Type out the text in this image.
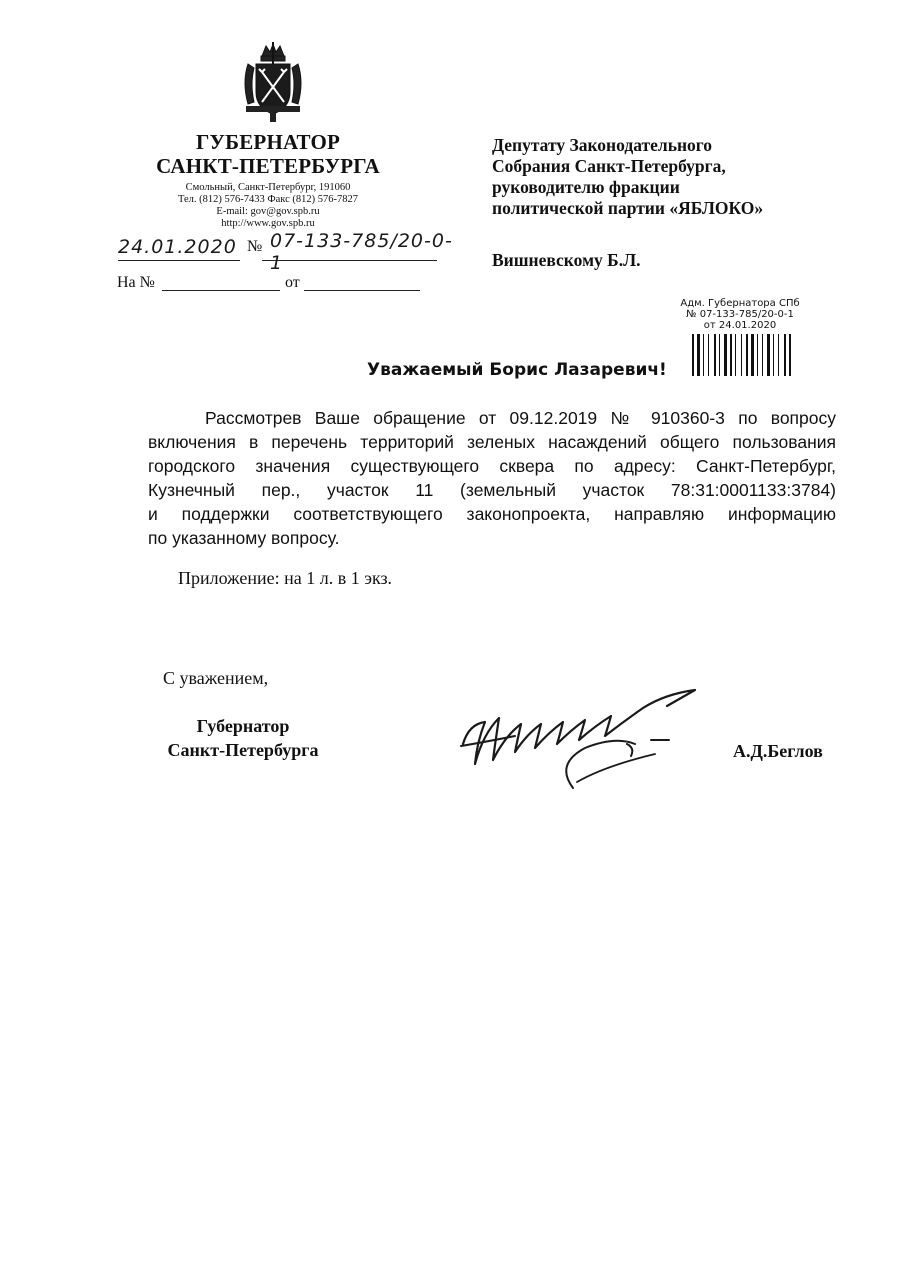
ГУБЕРНАТОР
САНКТ-ПЕТЕРБУРГА
Смольный, Санкт-Петербург, 191060
Тел. (812) 576-7433 Факс (812) 576-7827
E-mail: gov@gov.spb.ru
http://www.gov.spb.ru
24.01.2020 № 07-133-785/20-0-1
На №	от
Депутату Законодательного
Собрания Санкт-Петербурга,
руководителю фракции
политической партии «ЯБЛОКО»
Вишневскому Б.Л.
Адм. Губернатора СПб
№ 07-133-785/20-0-1
от 24.01.2020
Уважаемый Борис Лазаревич!
Рассмотрев Ваше обращение от 09.12.2019 № 910360-3 по вопросу
включения в перечень территорий зеленых насаждений общего пользования
городского значения существующего сквера по адресу: Санкт-Петербург,
Кузнечный пер., участок 11 (земельный участок 78:31:0001133:3784)
и поддержки соответствующего законопроекта, направляю информацию
по указанному вопросу.
Приложение: на 1 л. в 1 экз.
С уважением,
Губернатор
Санкт-Петербурга	А.Д.Беглов
